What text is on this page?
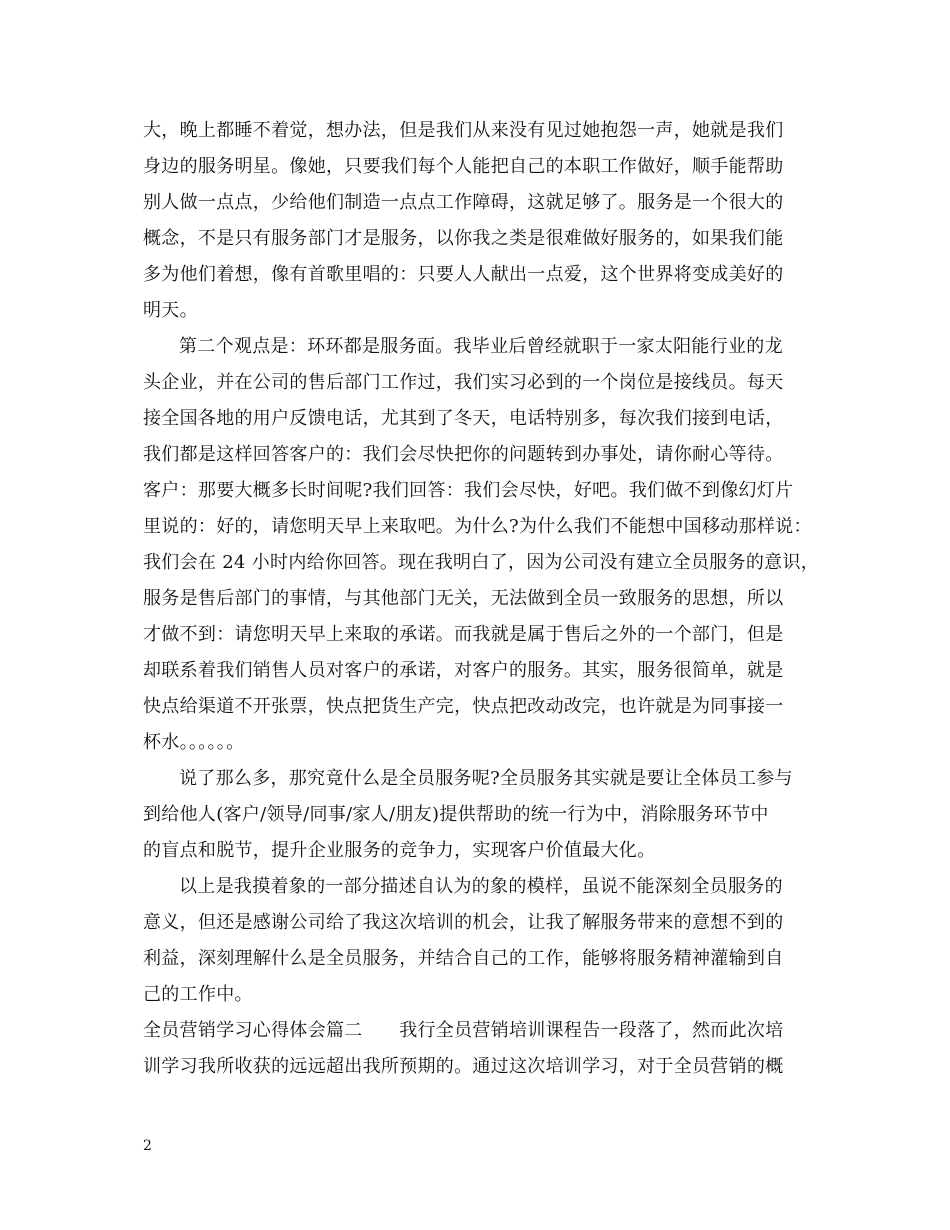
大，晚上都睡不着觉，想办法，但是我们从来没有见过她抱怨一声，她就是我们
身边的服务明星。像她，只要我们每个人能把自己的本职工作做好，顺手能帮助
别人做一点点，少给他们制造一点点工作障碍，这就足够了。服务是一个很大的
概念，不是只有服务部门才是服务，以你我之类是很难做好服务的，如果我们能
多为他们着想，像有首歌里唱的：只要人人献出一点爱，这个世界将变成美好的
明天。
第二个观点是：环环都是服务面。我毕业后曾经就职于一家太阳能行业的龙
头企业，并在公司的售后部门工作过，我们实习必到的一个岗位是接线员。每天
接全国各地的用户反馈电话，尤其到了冬天，电话特别多，每次我们接到电话，
我们都是这样回答客户的：我们会尽快把你的问题转到办事处，请你耐心等待。
客户：那要大概多长时间呢?我们回答：我们会尽快，好吧。我们做不到像幻灯片
里说的：好的，请您明天早上来取吧。为什么?为什么我们不能想中国移动那样说：
我们会在 24 小时内给你回答。现在我明白了，因为公司没有建立全员服务的意识，
服务是售后部门的事情，与其他部门无关，无法做到全员一致服务的思想，所以
才做不到：请您明天早上来取的承诺。而我就是属于售后之外的一个部门，但是
却联系着我们销售人员对客户的承诺，对客户的服务。其实，服务很简单，就是
快点给渠道不开张票，快点把货生产完，快点把改动改完，也许就是为同事接一
杯水。。。。。。
说了那么多，那究竟什么是全员服务呢?全员服务其实就是要让全体员工参与
到给他人(客户/领导/同事/家人/朋友)提供帮助的统一行为中，消除服务环节中
的盲点和脱节，提升企业服务的竞争力，实现客户价值最大化。
以上是我摸着象的一部分描述自认为的象的模样，虽说不能深刻全员服务的
意义，但还是感谢公司给了我这次培训的机会，让我了解服务带来的意想不到的
利益，深刻理解什么是全员服务，并结合自己的工作，能够将服务精神灌输到自
己的工作中。
全员营销学习心得体会篇二　　我行全员营销培训课程告一段落了，然而此次培
训学习我所收获的远远超出我所预期的。通过这次培训学习，对于全员营销的概
2
